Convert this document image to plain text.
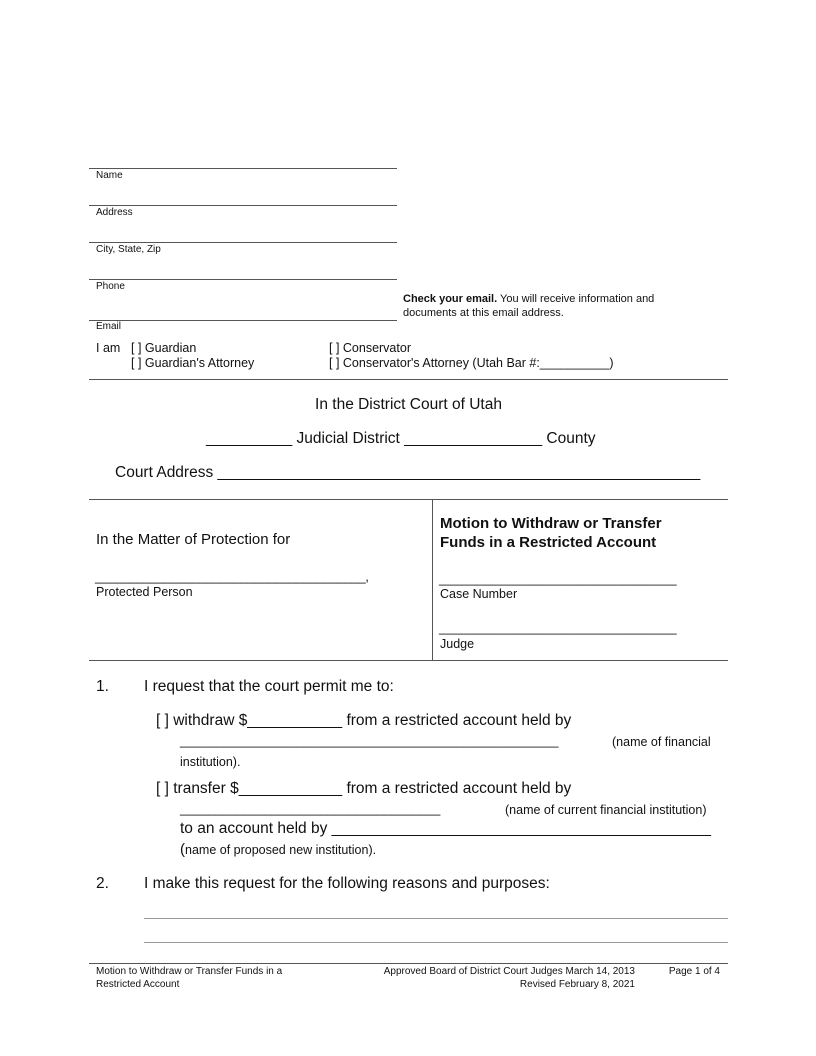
Name
Address
City, State, Zip
Phone
Email
Check your email. You will receive information and
documents at this email address.
I am [ ] Guardian
[ ] Guardian's Attorney
[ ] Conservator
[ ] Conservator's Attorney (Utah Bar #:__________)
In the District Court of Utah
__________ Judicial District ________________ County
Court Address ________________________________________________________
In the Matter of Protection for
_______________________________________,
Protected Person
Motion to Withdraw or Transfer
Funds in a Restricted Account
________________________________
Case Number
________________________________
Judge
1. I request that the court permit me to:
[ ] withdraw $___________ from a restricted account held by
____________________________________________________	(name of financial
institution).
[ ] transfer $____________ from a restricted account held by
_____________________________________	(name of current financial institution)
to an account held by ____________________________________________
(name of proposed new institution).
2. I make this request for the following reasons and purposes:
Motion to Withdraw or Transfer Funds in a
Restricted Account
Approved Board of District Court Judges March 14, 2013
Revised February 8, 2021
Page 1 of 4
